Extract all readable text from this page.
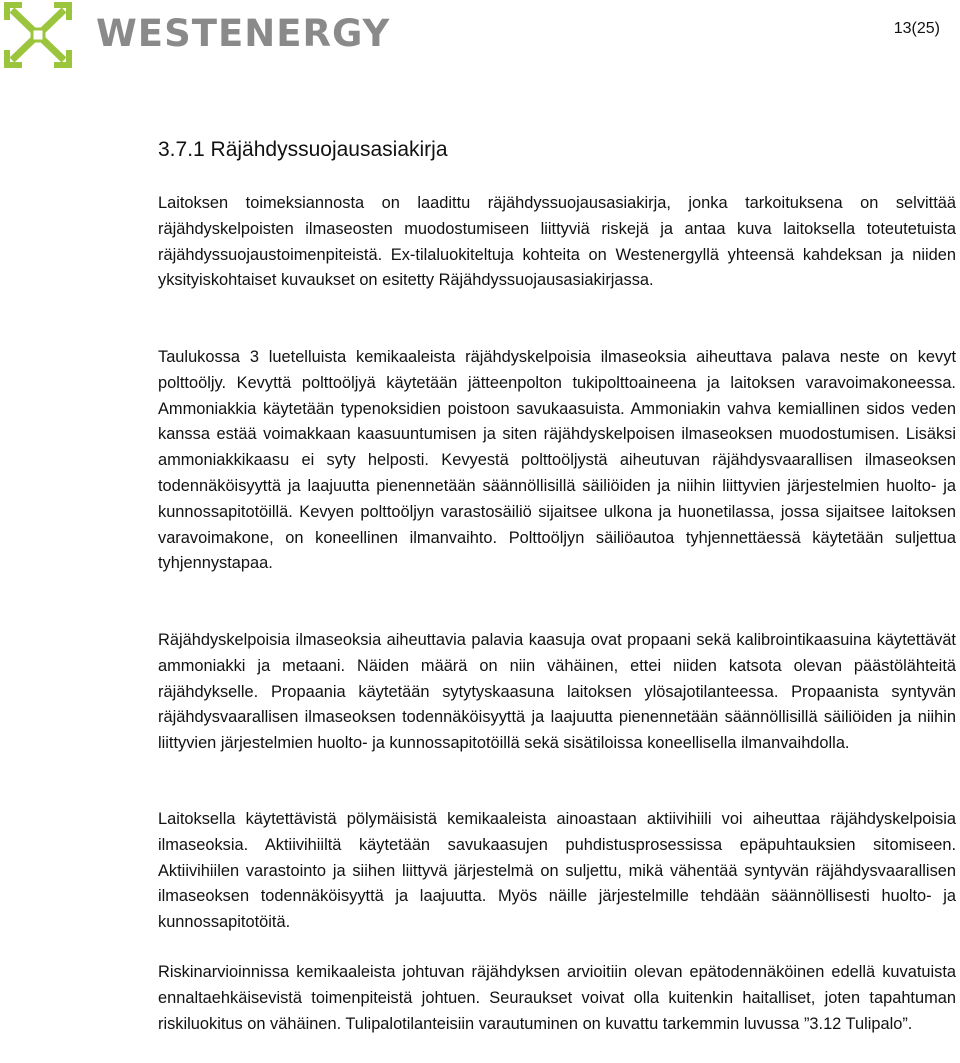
WESTENERGY	13(25)
3.7.1 Räjähdyssuojausasiakirja

Laitoksen toimeksiannosta on laadittu räjähdyssuojausasiakirja, jonka tarkoituksena on selvittää räjähdyskelpoisten ilmaseosten muodostumiseen liittyviä riskejä ja antaa kuva laitoksella toteutetuista räjähdyssuojaustoimenpiteistä. Ex-tilaluokiteltuja kohteita on Westenergyllä yhteensä kahdeksan ja niiden yksityiskohtaiset kuvaukset on esitetty Räjähdyssuojausasiakirjassa.

Taulukossa 3 luetelluista kemikaaleista räjähdyskelpoisia ilmaseoksia aiheuttava palava neste on kevyt polttoöljy. Kevyttä polttoöljyä käytetään jätteenpolton tukipolttoaineena ja laitoksen varavoimakoneessa. Ammoniakkia käytetään typenoksidien poistoon savukaasuista. Ammoniakin vahva kemiallinen sidos veden kanssa estää voimakkaan kaasuuntumisen ja siten räjähdyskelpoisen ilmaseoksen muodostumisen. Lisäksi ammoniakkikaasu ei syty helposti. Kevyestä polttoöljystä aiheutuvan räjähdysvaarallisen ilmaseoksen todennäköisyyttä ja laajuutta pienennetään säännöllisillä säiliöiden ja niihin liittyvien järjestelmien huolto- ja kunnossapitotöillä. Kevyen polttoöljyn varastosäiliö sijaitsee ulkona ja huonetilassa, jossa sijaitsee laitoksen varavoimakone, on koneellinen ilmanvaihto. Polttoöljyn säiliöautoa tyhjennettäessä käytetään suljettua tyhjennystapaa.

Räjähdyskelpoisia ilmaseoksia aiheuttavia palavia kaasuja ovat propaani sekä kalibrointikaasuina käytettävät ammoniakki ja metaani. Näiden määrä on niin vähäinen, ettei niiden katsota olevan päästölähteitä räjähdykselle. Propaania käytetään sytytyskaasuna laitoksen ylösajotilanteessa. Propaanista syntyvän räjähdysvaarallisen ilmaseoksen todennäköisyyttä ja laajuutta pienennetään säännöllisillä säiliöiden ja niihin liittyvien järjestelmien huolto- ja kunnossapitotöillä sekä sisätiloissa koneellisella ilmanvaihdolla.

Laitoksella käytettävistä pölymäisistä kemikaaleista ainoastaan aktiivihiili voi aiheuttaa räjähdyskelpoisia ilmaseoksia. Aktiivihiiltä käytetään savukaasujen puhdistusprosessissa epäpuhtauksien sitomiseen. Aktiivihiilen varastointo ja siihen liittyvä järjestelmä on suljettu, mikä vähentää syntyvän räjähdysvaarallisen ilmaseoksen todennäköisyyttä ja laajuutta. Myös näille järjestelmille tehdään säännöllisesti huolto- ja kunnossapitotöitä.

Riskinarvioinnissa kemikaaleista johtuvan räjähdyksen arvioitiin olevan epätodennäköinen edellä kuvatuista ennaltaehkäisevistä toimenpiteistä johtuen. Seuraukset voivat olla kuitenkin haitalliset, joten tapahtuman riskiluokitus on vähäinen. Tulipalotilanteisiin varautuminen on kuvattu tarkemmin luvussa ”3.12 Tulipalo”.
